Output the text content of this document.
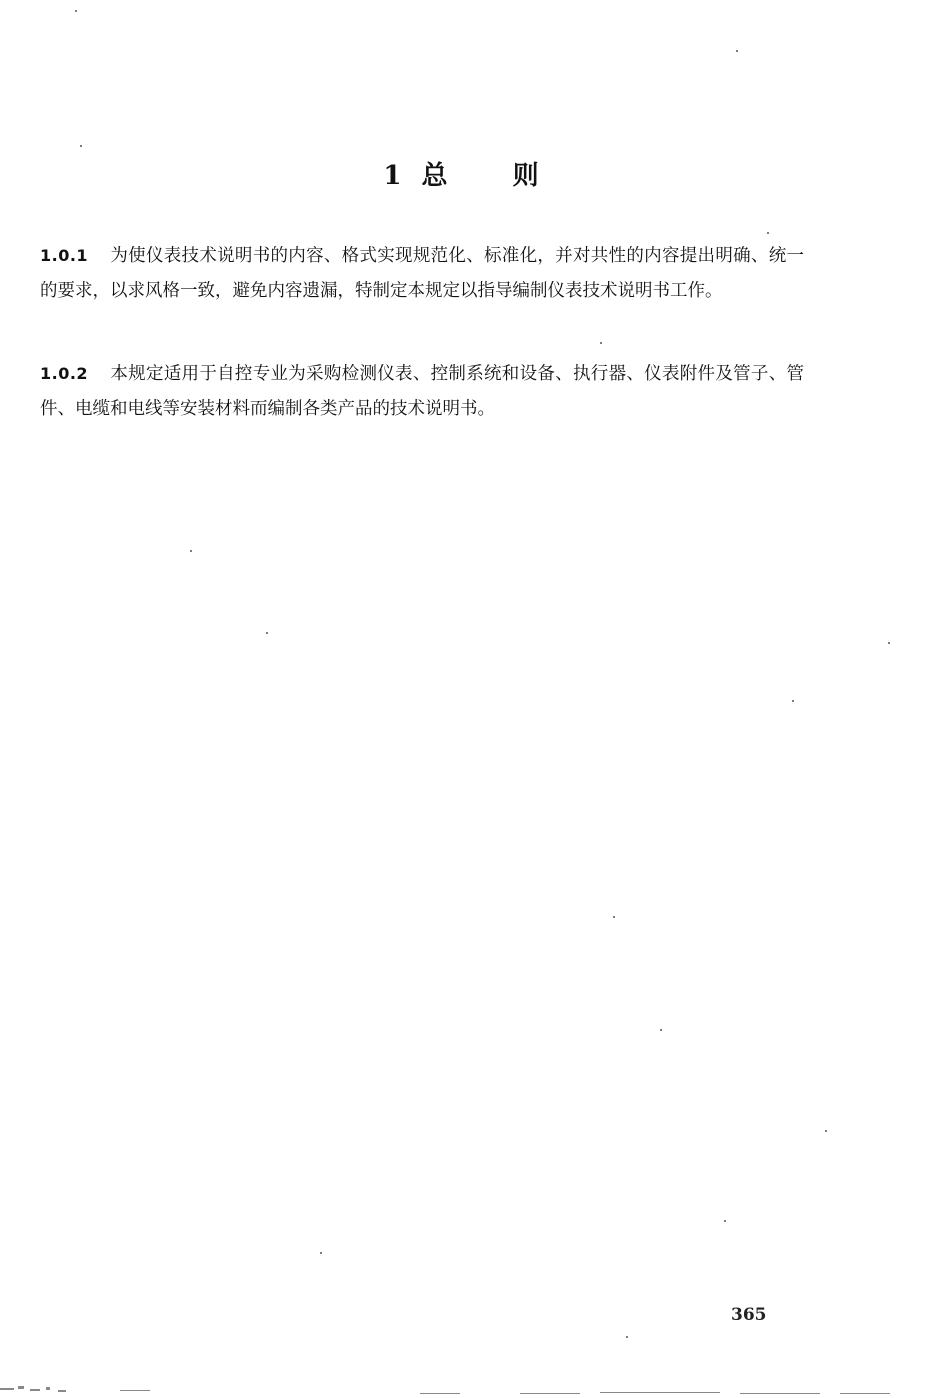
1 总 则
1.0.1 为使仪表技术说明书的内容、格式实现规范化、标准化，并对共性的内容提出明确、统一的要求，以求风格一致，避免内容遗漏，特制定本规定以指导编制仪表技术说明书工作。
1.0.2 本规定适用于自控专业为采购检测仪表、控制系统和设备、执行器、仪表附件及管子、管件、电缆和电线等安装材料而编制各类产品的技术说明书。
365
